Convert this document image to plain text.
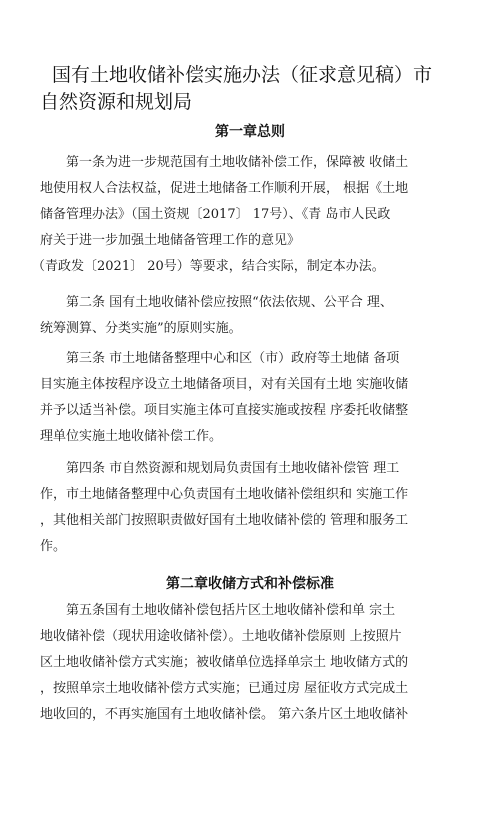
国有土地收储补偿实施办法（征求意见稿）市
自然资源和规划局
第一章总则

第一条为进一步规范国有土地收储补偿工作，保障被 收储土
地使用权人合法权益，促进土地储备工作顺利开展， 根据《土地
储备管理办法》（国土资规〔2017〕 17号）、《青 岛市人民政
府关于进一步加强土地储备管理工作的意见》
（青政发〔2021〕 20号）等要求，结合实际，制定本办法。

第二条 国有土地收储补偿应按照“依法依规、公平合 理、
统筹测算、分类实施”的原则实施。

第三条 市土地储备整理中心和区（市）政府等土地储 备项
目实施主体按程序设立土地储备项目，对有关国有土地 实施收储
并予以适当补偿。项目实施主体可直接实施或按程 序委托收储整
理单位实施土地收储补偿工作。

第四条 市自然资源和规划局负责国有土地收储补偿管 理工
作，市土地储备整理中心负责国有土地收储补偿组织和 实施工作
，其他相关部门按照职责做好国有土地收储补偿的 管理和服务工
作。

第二章收储方式和补偿标准

第五条国有土地收储补偿包括片区土地收储补偿和单 宗土
地收储补偿（现状用途收储补偿）。土地收储补偿原则 上按照片
区土地收储补偿方式实施；被收储单位选择单宗土 地收储方式的
，按照单宗土地收储补偿方式实施；已通过房 屋征收方式完成土
地收回的，不再实施国有土地收储补偿。 第六条片区土地收储补
